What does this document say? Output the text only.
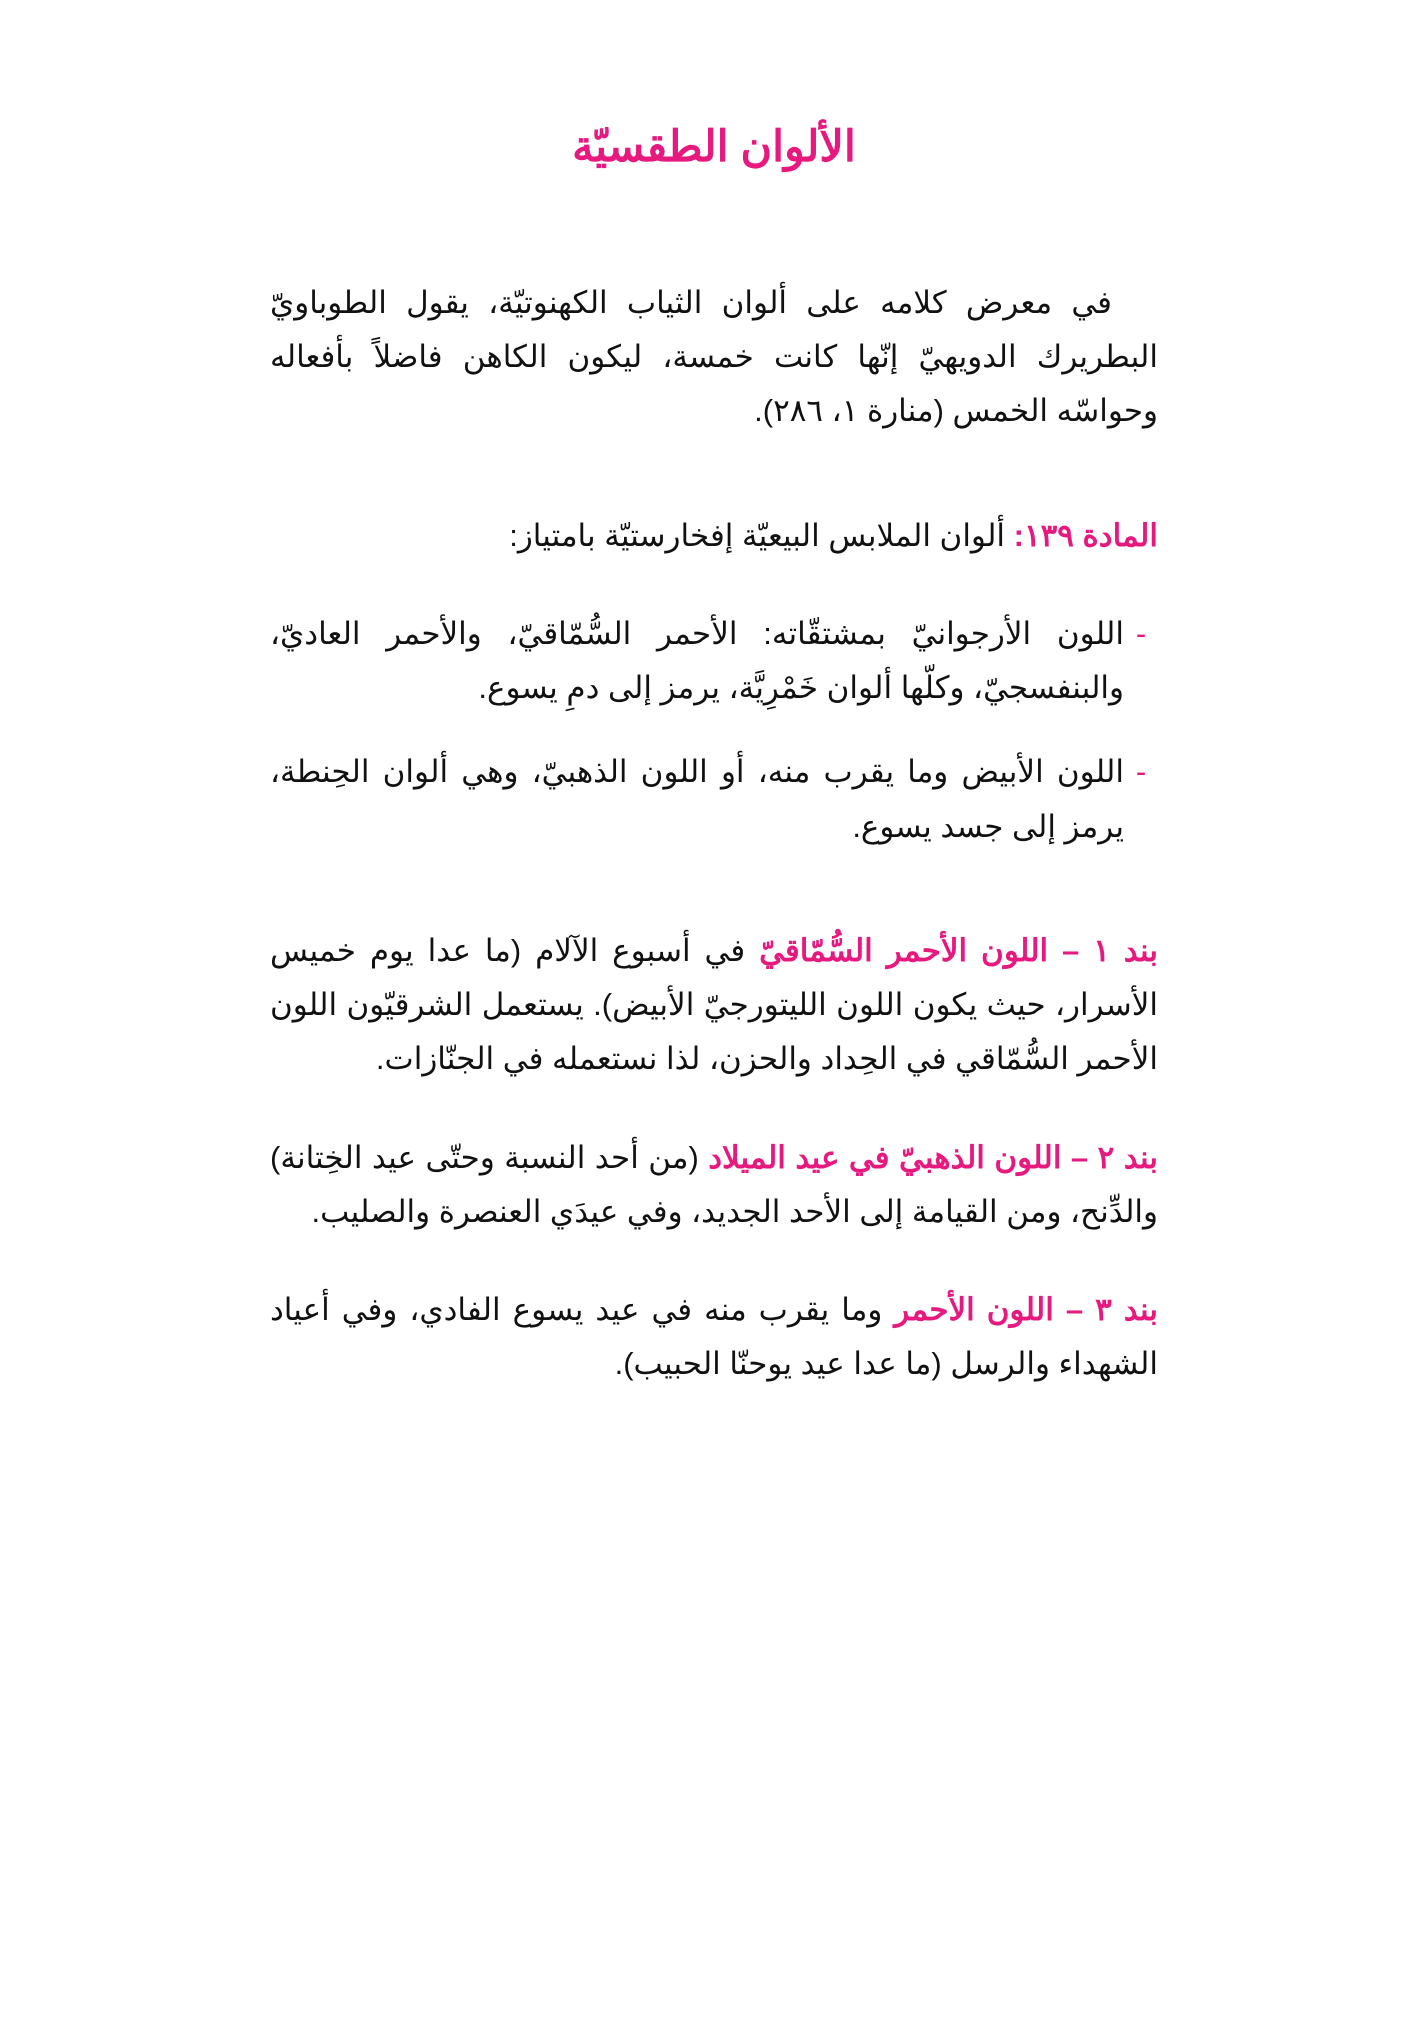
الألوان الطقسيّة

في معرض كلامه على ألوان الثياب الكهنوتيّة، يقول الطوباويّ البطريرك الدويهيّ إنّها كانت خمسة، ليكون الكاهن فاضلاً بأفعاله وحواسّه الخمس (منارة ١، ٢٨٦).

المادة ١٣٩: ألوان الملابس البيعيّة إفخارستيّة بامتياز:

-
اللون الأرجوانيّ بمشتقّاته: الأحمر السُّمّاقيّ، والأحمر العاديّ، والبنفسجيّ، وكلّها ألوان خَمْرِيَّة، يرمز إلى دمِ يسوع.
-
اللون الأبيض وما يقرب منه، أو اللون الذهبيّ، وهي ألوان الحِنطة، يرمز إلى جسد يسوع.

بند ١ – اللون الأحمر السُّمّاقيّ في أسبوع الآلام (ما عدا يوم خميس الأسرار، حيث يكون اللون الليتورجيّ الأبيض). يستعمل الشرقيّون اللون الأحمر السُّمّاقي في الحِداد والحزن، لذا نستعمله في الجنّازات.

بند ٢ – اللون الذهبيّ في عيد الميلاد (من أحد النسبة وحتّى عيد الخِتانة) والدِّنح، ومن القيامة إلى الأحد الجديد، وفي عيدَي العنصرة والصليب.

بند ٣ – اللون الأحمر وما يقرب منه في عيد يسوع الفادي، وفي أعياد الشهداء والرسل (ما عدا عيد يوحنّا الحبيب).
